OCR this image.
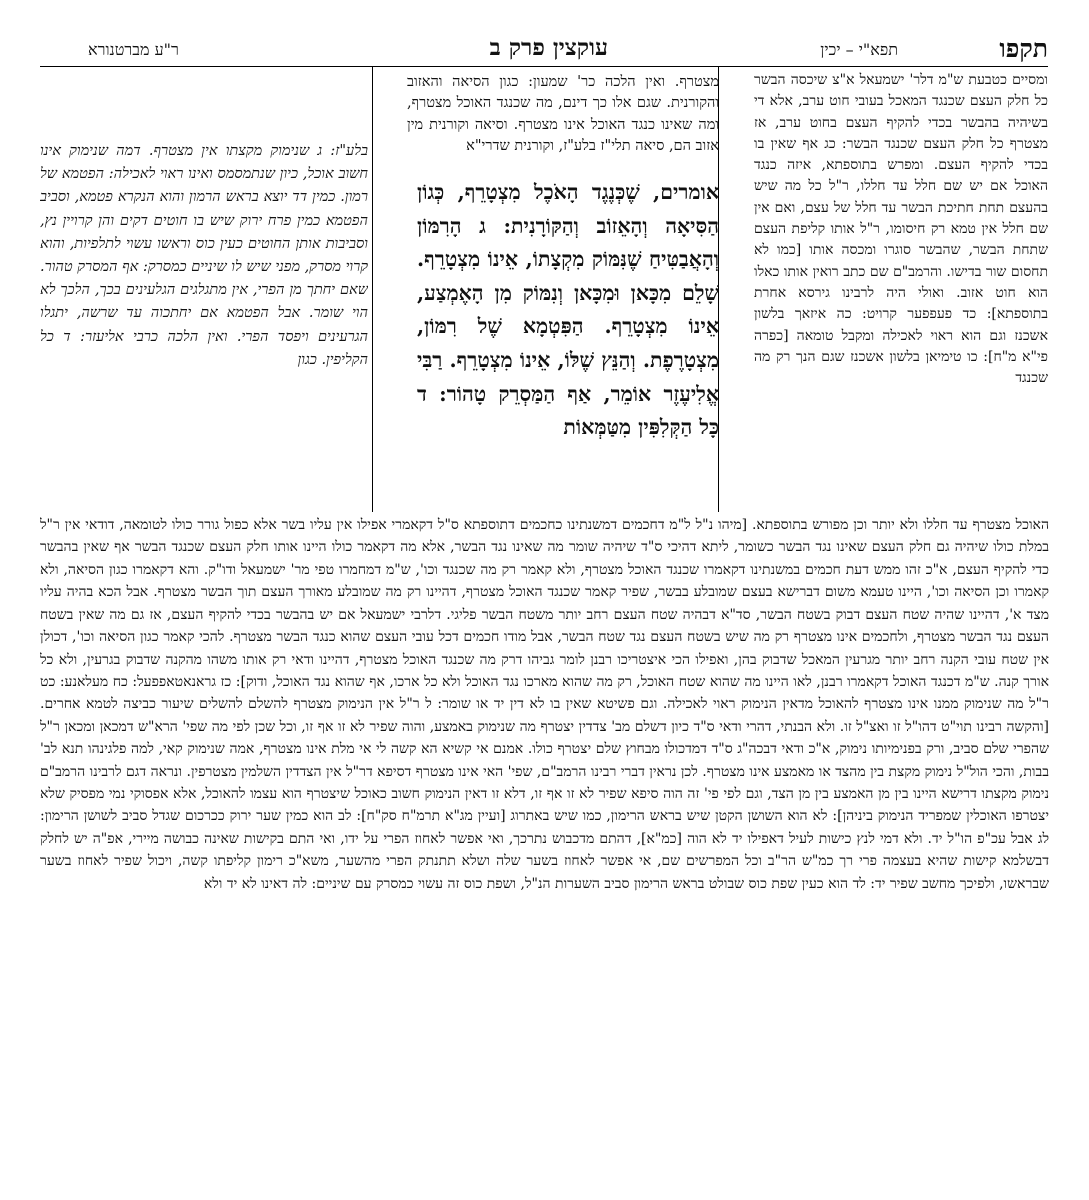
תקפו
תפא"י – יכין
עוקצין פרק ב
ר"ע מברטנורא

ומסיים כטבעת ש"מ דלר' ישמעאל א"צ שיכסה הבשר כל חלק העצם שכנגד המאכל בעובי חוט ערב, אלא די בשיהיה בהבשר בכדי להקיף העצם בחוט ערב, אז מצטרף כל חלק העצם שכנגד הבשר: כג אף שאין בו בכדי להקיף העצם. ומפרש בתוספתא, איזה כנגד האוכל אם יש שם חלל עד חללו, ר"ל כל מה שיש בהעצם תחת חתיכת הבשר עד חלל של עצם, ואם אין שם חלל אין טמא רק חיסומו, ר"ל אותו קליפת העצם שתחת הבשר, שהבשר סוגרו ומכסה אותו [כמו לא תחסום שור בדישו. והרמב"ם שם כתב רואין אותו כאלו הוא חוט אזוב. ואולי היה לרבינו גירסא אחרת בתוספתא]: כד פעפפער קרויט: כה איזאך בלשון אשכנז וגם הוא ראוי לאכילה ומקבל טומאה [כפרה פי"א מ"ח]: כו טימיאן בלשון אשכנז שגם הנך רק מה שכנגד

מצטרף. ואין הלכה כר' שמעון: כגון הסיאה והאזוב והקורנית. שגם אלו כך דינם, מה שכנגד האוכל מצטרף, ומה שאינו כנגד האוכל אינו מצטרף. וסיאה וקורנית מין אזוב הם, סיאה תלי"ז בלע"ז, וקורנית שדרי"א

אומרים, שֶׁכְּנֶגֶד הָאֹכֶל מִצְטָרֵף, כְּגוֹן הַסִּיאָה וְהָאֵזוֹב וְהַקּוֹרָנִית: ג הָרִמּוֹן וְהָאֲבַטִּיחַ שֶׁנִּמּוֹק מִקְצָתוֹ, אֵינוֹ מִצְטָרֵף. שָׁלֵם מִכָּאן וּמִכָּאן וְנִמּוֹק מִן הָאֶמְצַע, אֵינוֹ מִצְטָרֵף. הַפִּטְמָא שֶׁל רִמּוֹן, מִצְטָרֶפֶת. וְהַנֵּץ שֶׁלּוֹ, אֵינוֹ מִצְטָרֵף. רַבִּי אֱלִיעֶזֶר אוֹמֵר, אַף הַמַּסְרֵק טָהוֹר: ד כָּל הַקְּלִפִּין מִטַּמְּאוֹת

בלע"ז: ג שנימוק מקצתו אין מצטרף. דמה שנימוק אינו חשוב אוכל, כיון שנתמסמס ואינו ראוי לאכילה: הפטמא של רמון. כמין דד יוצא בראש הרמון והוא הנקרא פטמא, וסביב הפטמא כמין פרח ירוק שיש בו חוטים דקים והן קרויין נץ, וסביבות אותן החוטים כעין כוס וראשו עשוי לתלפיות, והוא קרוי מסרק, מפני שיש לו שיניים כמסרק: אף המסרק טהור. שאם יחתך מן הפרי, אין מתגלגים הגלעינים בכך, הלכך לא הוי שומר. אבל הפטמא אם יחתכוה עד שרשה, יתגלו הגרעינים ויפסד הפרי. ואין הלכה כרבי אליעזר: ד כל הקליפין. כגון

האוכל מצטרף עד חללו ולא יותר וכן מפורש בתוספתא. [מיהו נ"ל ל"מ דחכמים דמשנתינו כחכמים דתוספתא ס"ל דקאמרי אפילו אין עליו בשר אלא כפול גורר כולו לטומאה, דודאי אין ר"ל במלת כולו שיהיה גם חלק העצם שאינו נגד הבשר כשומר, ליתא דהיכי ס"ד שיהיה שומר מה שאינו נגד הבשר, אלא מה דקאמר כולו היינו אותו חלק העצם שכנגד הבשר אף שאין בהבשר כדי להקיף העצם, א"כ זהו ממש דעת חכמים במשנתינו דקאמרו שכנגד האוכל מצטרף, ולא קאמר רק מה שכנגד וכו', ש"מ דמחמרו טפי מר' ישמעאל ודו"ק. והא דקאמרו כגון הסיאה, ולא קאמרו וכן הסיאה וכו', היינו טעמא משום דברישא בעצם שמובלע בבשר, שפיר קאמר שכנגד האוכל מצטרף, דהיינו רק מה שמובלע מאורך העצם תוך הבשר מצטרף. אבל הכא בהיה עליו מצד א', דהיינו שהיה שטח העצם דבוק בשטח הבשר, סד"א דבהיה שטח העצם רחב יותר משטח הבשר פליגי. דלרבי ישמעאל אם יש בהבשר בכדי להקיף העצם, אז גם מה שאין בשטח העצם נגד הבשר מצטרף, ולחכמים אינו מצטרף רק מה שיש בשטח העצם נגד שטח הבשר, אבל מודו חכמים דכל עובי העצם שהוא כנגד הבשר מצטרף. להכי קאמר כגון הסיאה וכו', דכולן אין שטח עובי הקנה רחב יותר מגרעין המאכל שדבוק בהן, ואפילו הכי איצטריכו רבנן לומר גביהו דרק מה שכנגד האוכל מצטרף, דהיינו ודאי רק אותו משהו מהקנה שדבוק בגרעין, ולא כל אורך קנה. ש"מ דכנגד האוכל דקאמרו רבנן, לאו היינו מה שהוא שטח האוכל, רק מה שהוא מארכו נגד האוכל ולא כל ארכו, אף שהוא נגד האוכל, ודוק]: כז גראנאטאפפעל: כח מעלאנע: כט ר"ל מה שנימוק ממנו אינו מצטרף להאוכל מדאין הנימוק ראוי לאכילה. וגם פשיטא שאין בו לא דין יד או שומר: ל ר"ל אין הנימוק מצטרף להשלם להשלים שיעור כביצה לטמא אחרים. [והקשה רבינו תוי"ט דהו"ל זו ואצ"ל זו. ולא הבנתי, דהרי ודאי ס"ד כיון דשלם מב' צדדין יצטרף מה שנימוק באמצע, והוה שפיר לא זו אף זו, וכל שכן לפי מה שפי' הרא"ש דמכאן ומכאן ר"ל שהפרי שלם סביב, ורק בפנימיותו נימוק, א"כ ודאי דבכה"ג ס"ד דמדכולו מבחוץ שלם יצטרף כולו. אמנם אי קשיא הא קשה לי אי מלת אינו מצטרף, אמה שנימוק קאי, למה פלגינהו תנא לב' בבות, והכי הול"ל נימוק מקצת בין מהצד או מאמצע אינו מצטרף. לכן נראין דברי רבינו הרמב"ם, שפי' האי אינו מצטרף דסיפא דר"ל אין הצדדין השלמין מצטרפין. ונראה דגם לרבינו הרמב"ם נימוק מקצתו דרישא היינו בין מן האמצע בין מן הצד, וגם לפי פי' זה הוה סיפא שפיר לא זו אף זו, דלא זו דאין הנימוק חשוב כאוכל שיצטרף הוא עצמו להאוכל, אלא אפסוקי נמי מפסיק שלא יצטרפו האוכלין שמפריד הנימוק ביניהן]: לא הוא השושן הקטן שיש בראש הרימון, כמו שיש באתרוג [ועיין מג"א תרמ"ח סק"ח]: לב הוא כמין שער ירוק ככרכום שגדל סביב לשושן הרימון: לג אבל עכ"פ הו"ל יד. ולא דמי לנץ כישות לעיל דאפילו יד לא הוה [כמ"א], דהתם מדכבוש נתרכך, ואי אפשר לאחוז הפרי על ידו, ואי התם בקישות שאינה כבושה מיירי, אפ"ה יש לחלק דבשלמא קישות שהיא בעצמה פרי רך כמ"ש הר"ב וכל המפרשים שם, אי אפשר לאחוז בשער שלה ושלא תתנתק הפרי מהשער, משא"כ רימון קליפתו קשה, ויכול שפיר לאחוז בשער שבראשו, ולפיכך מחשב שפיר יד: לד הוא כעין שפת כוס שבולט בראש הרימון סביב השערות הנ"ל, ושפת כוס זה עשוי כמסרק עם שיניים: לה דאינו לא יד ולא
